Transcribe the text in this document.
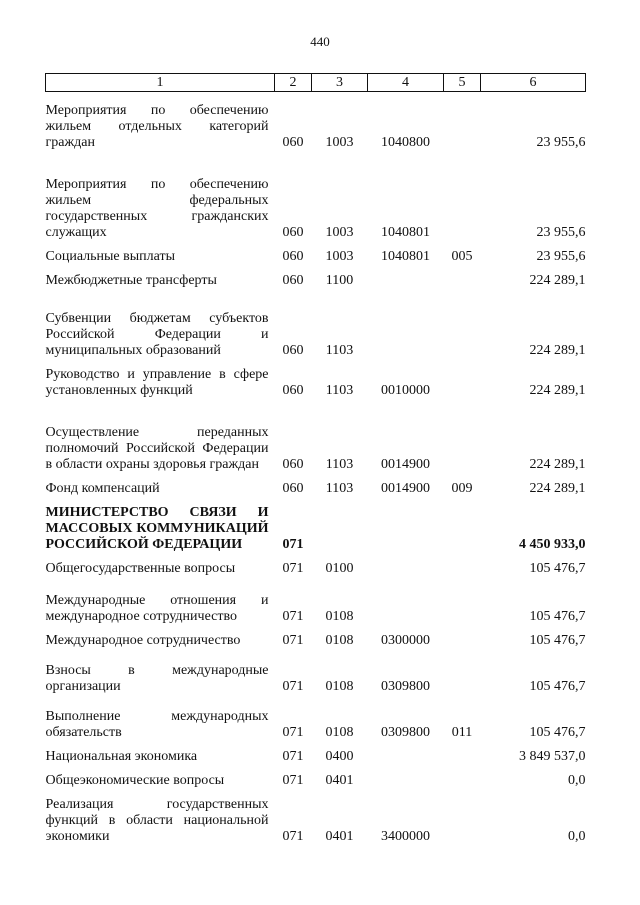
440
1	2	3	4	5	6

Мероприятия по обеспечению жильем отдельных категорий граждан	060	1003	1040800		23 955,6
Мероприятия по обеспечению жильем федеральных государственных гражданских служащих	060	1003	1040801		23 955,6
Социальные выплаты	060	1003	1040801	005	23 955,6
Межбюджетные трансферты	060	1100			224 289,1
Субвенции бюджетам субъектов Российской Федерации и муниципальных образований	060	1103			224 289,1
Руководство и управление в сфере установленных функций	060	1103	0010000		224 289,1
Осуществление переданных полномочий Российской Федерации в области охраны здоровья граждан	060	1103	0014900		224 289,1
Фонд компенсаций	060	1103	0014900	009	224 289,1
МИНИСТЕРСТВО СВЯЗИ И МАССОВЫХ КОММУНИКАЦИЙ РОССИЙСКОЙ ФЕДЕРАЦИИ	071				4 450 933,0
Общегосударственные вопросы	071	0100			105 476,7
Международные отношения и международное сотрудничество	071	0108			105 476,7
Международное сотрудничество	071	0108	0300000		105 476,7
Взносы в международные организации	071	0108	0309800		105 476,7
Выполнение международных обязательств	071	0108	0309800	011	105 476,7
Национальная экономика	071	0400			3 849 537,0
Общеэкономические вопросы	071	0401			0,0
Реализация государственных функций в области национальной экономики	071	0401	3400000		0,0
